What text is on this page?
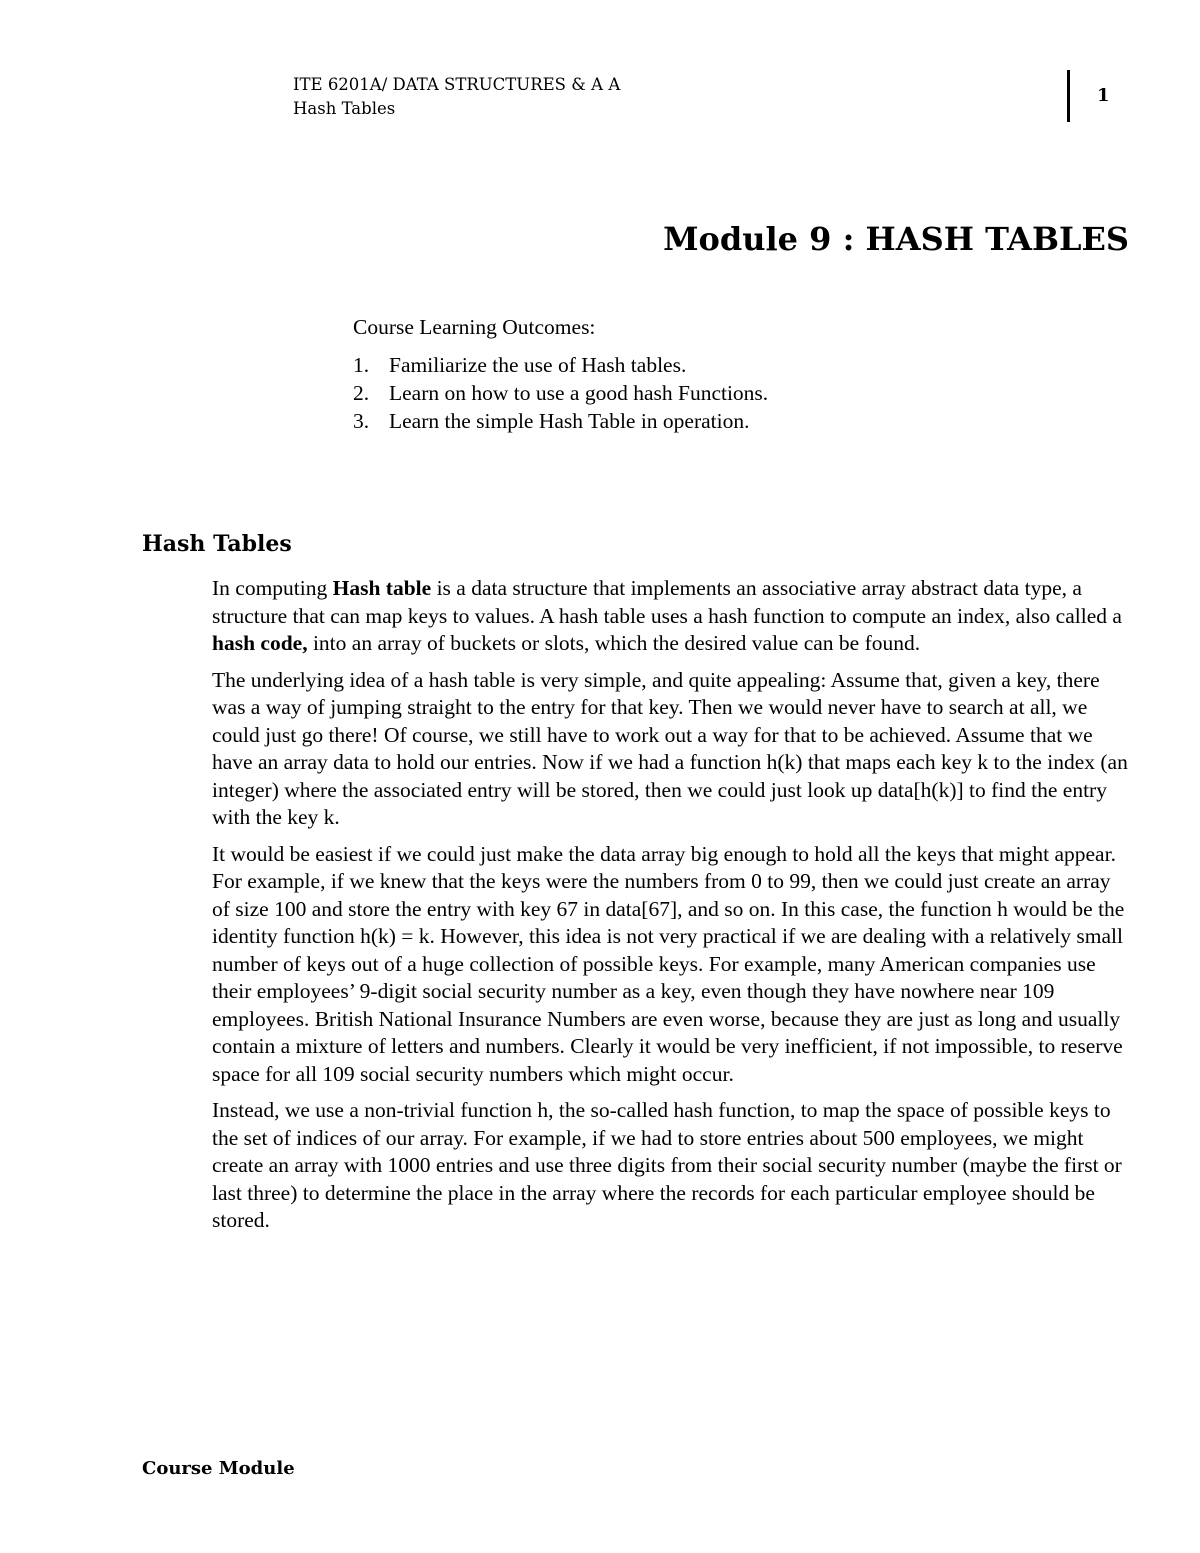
ITE 6201A/ DATA STRUCTURES & A A
Hash Tables
1
Module 9 : HASH TABLES
Course Learning Outcomes:
1. Familiarize the use of Hash tables.
2. Learn on how to use a good hash Functions.
3. Learn the simple Hash Table in operation.
Hash Tables

In computing Hash table is a data structure that implements an associative array abstract data type, a structure that can map keys to values. A hash table uses a hash function to compute an index, also called a hash code, into an array of buckets or slots, which the desired value can be found.

The underlying idea of a hash table is very simple, and quite appealing: Assume that, given a key, there was a way of jumping straight to the entry for that key. Then we would never have to search at all, we could just go there! Of course, we still have to work out a way for that to be achieved. Assume that we have an array data to hold our entries. Now if we had a function h(k) that maps each key k to the index (an integer) where the associated entry will be stored, then we could just look up data[h(k)] to find the entry with the key k.

It would be easiest if we could just make the data array big enough to hold all the keys that might appear. For example, if we knew that the keys were the numbers from 0 to 99, then we could just create an array of size 100 and store the entry with key 67 in data[67], and so on. In this case, the function h would be the identity function h(k) = k. However, this idea is not very practical if we are dealing with a relatively small number of keys out of a huge collection of possible keys. For example, many American companies use their employees’ 9-digit social security number as a key, even though they have nowhere near 109 employees. British National Insurance Numbers are even worse, because they are just as long and usually contain a mixture of letters and numbers. Clearly it would be very inefficient, if not impossible, to reserve space for all 109 social security numbers which might occur.

Instead, we use a non-trivial function h, the so-called hash function, to map the space of possible keys to the set of indices of our array. For example, if we had to store entries about 500 employees, we might create an array with 1000 entries and use three digits from their social security number (maybe the first or last three) to determine the place in the array where the records for each particular employee should be stored.

Course Module
